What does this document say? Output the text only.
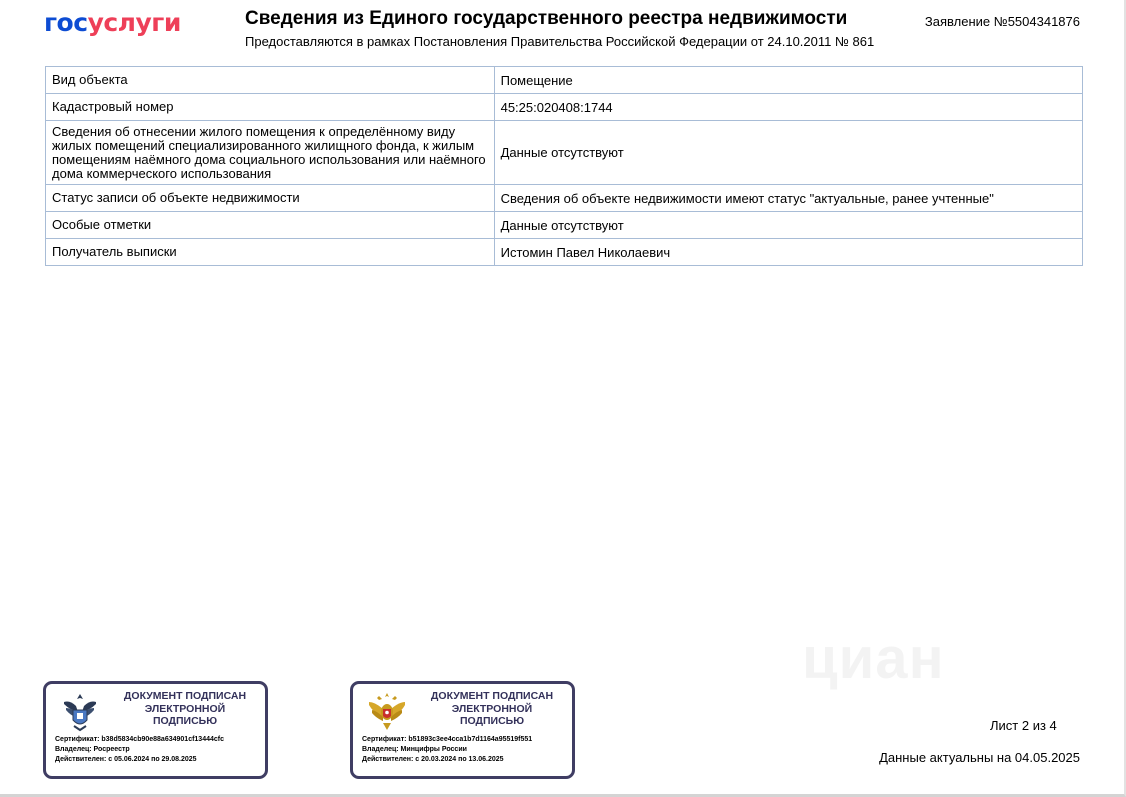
госуслуги	Сведения из Единого государственного реестра недвижимости
Предоставляются в рамках Постановления Правительства Российской Федерации от 24.10.2011 № 861
Заявление №5504341876
Вид объекта	Помещение
Кадастровый номер	45:25:020408:1744
Сведения об отнесении жилого помещения к определённому виду жилых помещений специализированного жилищного фонда, к жилым помещениям наёмного дома социального использования или наёмного дома коммерческого использования	Данные отсутствуют
Статус записи об объекте недвижимости	Сведения об объекте недвижимости имеют статус "актуальные, ранее учтенные"
Особые отметки	Данные отсутствуют
Получатель выписки	Истомин Павел Николаевич
ДОКУМЕНТ ПОДПИСАН
ЭЛЕКТРОННОЙ
ПОДПИСЬЮ
Сертификат: b38d5834cb90e88a634901cf13444cfc
Владелец: Росреестр
Действителен: с 05.06.2024 по 29.08.2025
ДОКУМЕНТ ПОДПИСАН
ЭЛЕКТРОННОЙ
ПОДПИСЬЮ
Сертификат: b51893c3ee4cca1b7d1164a95519f551
Владелец: Минцифры России
Действителен: с 20.03.2024 по 13.06.2025
Лист 2 из 4
Данные актуальны на 04.05.2025
